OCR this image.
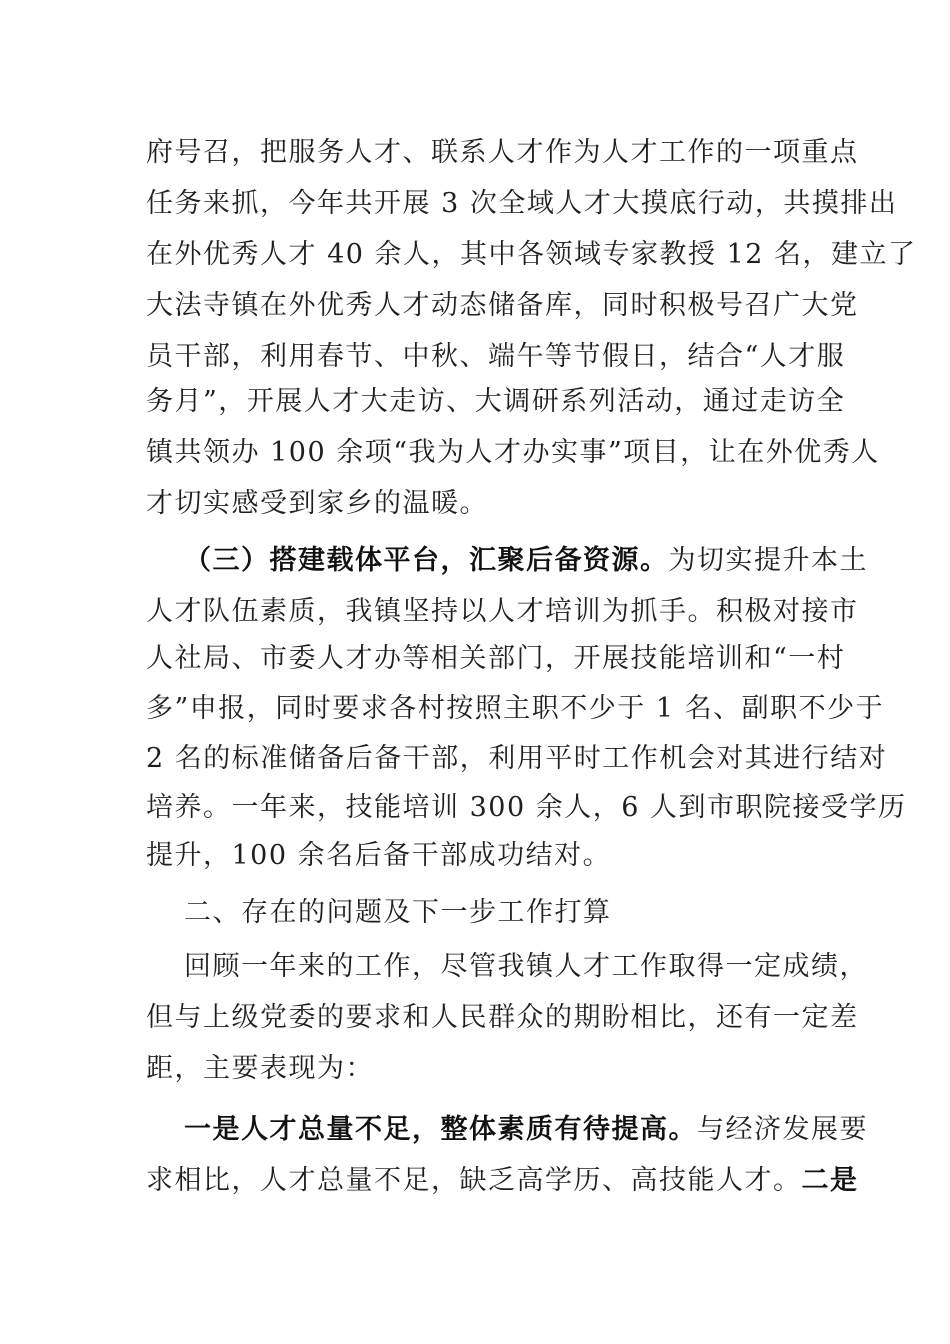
府号召，把服务人才、联系人才作为人才工作的一项重点
任务来抓，今年共开展 3 次全域人才大摸底行动，共摸排出
在外优秀人才 40 余人，其中各领域专家教授 12 名，建立了
大法寺镇在外优秀人才动态储备库，同时积极号召广大党
员干部，利用春节、中秋、端午等节假日，结合“人才服
务月”，开展人才大走访、大调研系列活动，通过走访全
镇共领办 100 余项“我为人才办实事”项目，让在外优秀人
才切实感受到家乡的温暖。
（三）搭建载体平台，汇聚后备资源。 为切实提升本土
人才队伍素质，我镇坚持以人才培训为抓手。积极对接市
人社局、市委人才办等相关部门，开展技能培训和“一村
多”申报，同时要求各村按照主职不少于 1 名、副职不少于
2 名的标准储备后备干部，利用平时工作机会对其进行结对
培养。一年来，技能培训 300 余人，6 人到市职院接受学历
提升，100 余名后备干部成功结对。
二、存在的问题及下一步工作打算
回顾一年来的工作，尽管我镇人才工作取得一定成绩，
但与上级党委的要求和人民群众的期盼相比，还有一定差
距，主要表现为：
一是人才总量不足，整体素质有待提高。 与经济发展要
求相比，人才总量不足，缺乏高学历、高技能人才。 二是
